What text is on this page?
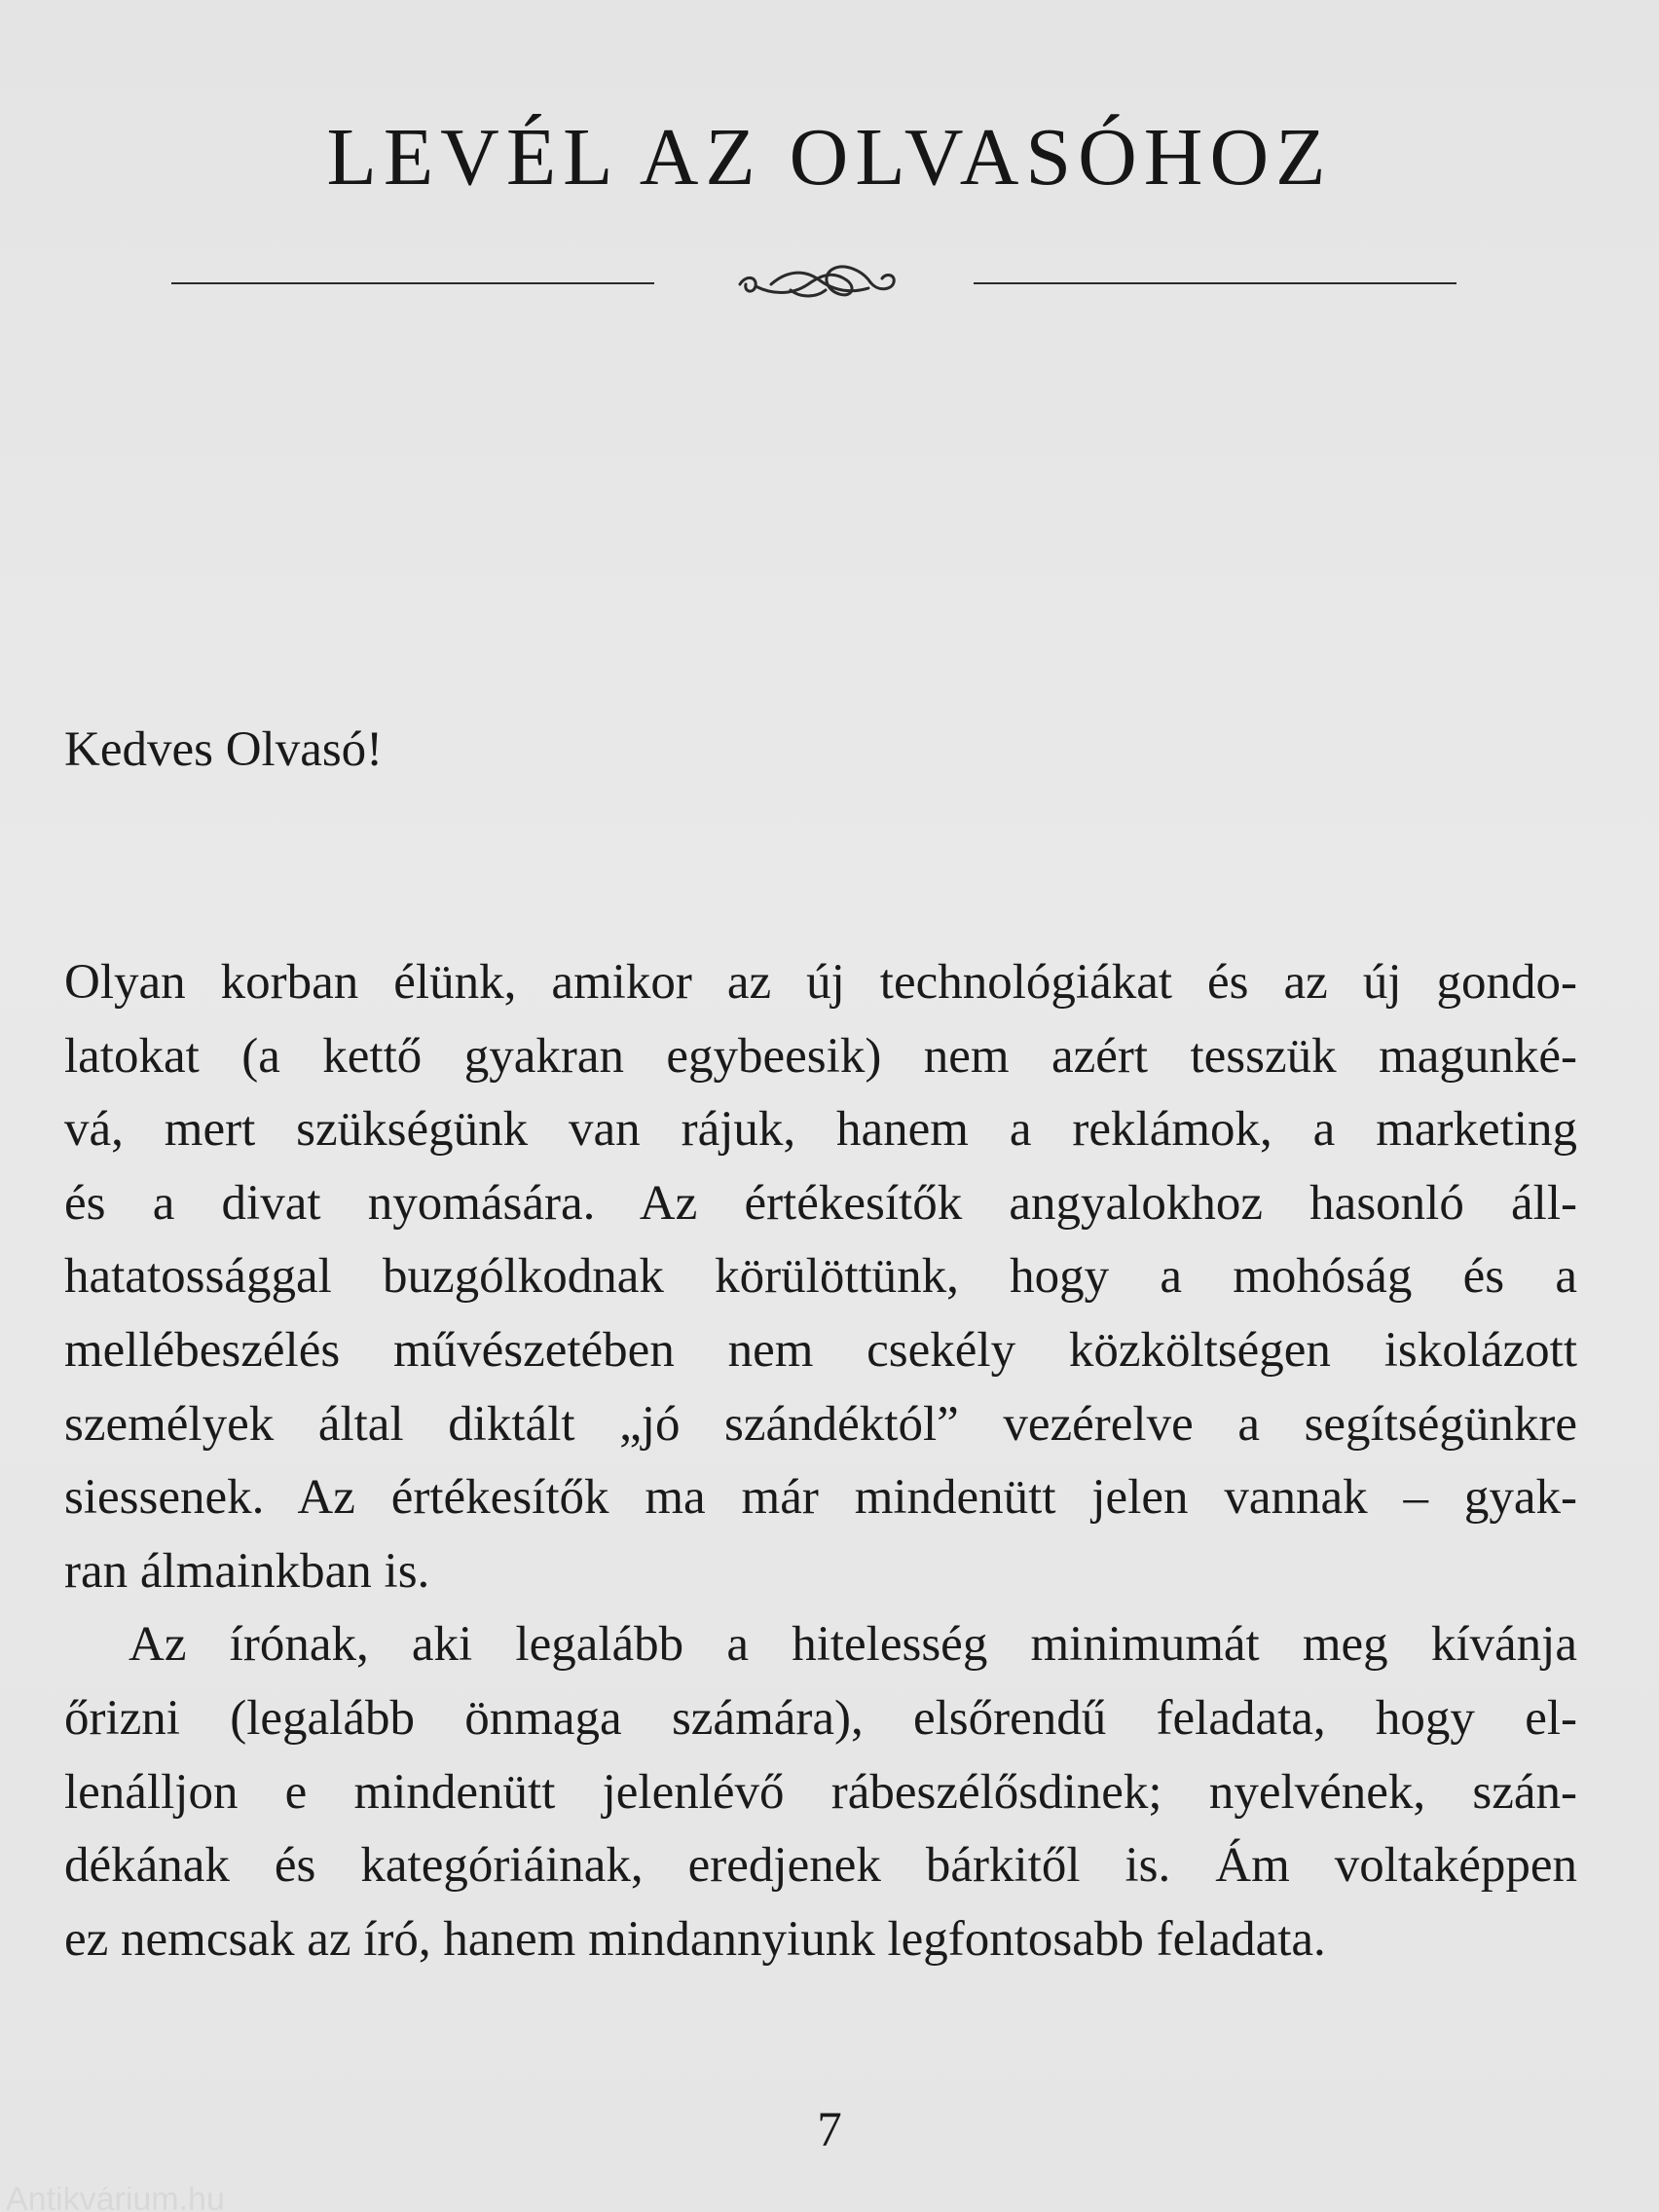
LEVÉL AZ OLVASÓHOZ

Kedves Olvasó!

Olyan korban élünk, amikor az új technológiákat és az új gondo-
latokat (a kettő gyakran egybeesik) nem azért tesszük magunké-
vá, mert szükségünk van rájuk, hanem a reklámok, a marketing
és a divat nyomására. Az értékesítők angyalokhoz hasonló áll-
hatatossággal buzgólkodnak körülöttünk, hogy a mohóság és a
mellébeszélés művészetében nem csekély közköltségen iskolázott
személyek által diktált „jó szándéktól” vezérelve a segítségünkre
siessenek. Az értékesítők ma már mindenütt jelen vannak – gyak-
ran álmainkban is.

Az írónak, aki legalább a hitelesség minimumát meg kívánja
őrizni (legalább önmaga számára), elsőrendű feladata, hogy el-
lenálljon e mindenütt jelenlévő rábeszélősdinek; nyelvének, szán-
dékának és kategóriáinak, eredjenek bárkitől is. Ám voltaképpen
ez nemcsak az író, hanem mindannyiunk legfontosabb feladata.

7

Antikvárium.hu
